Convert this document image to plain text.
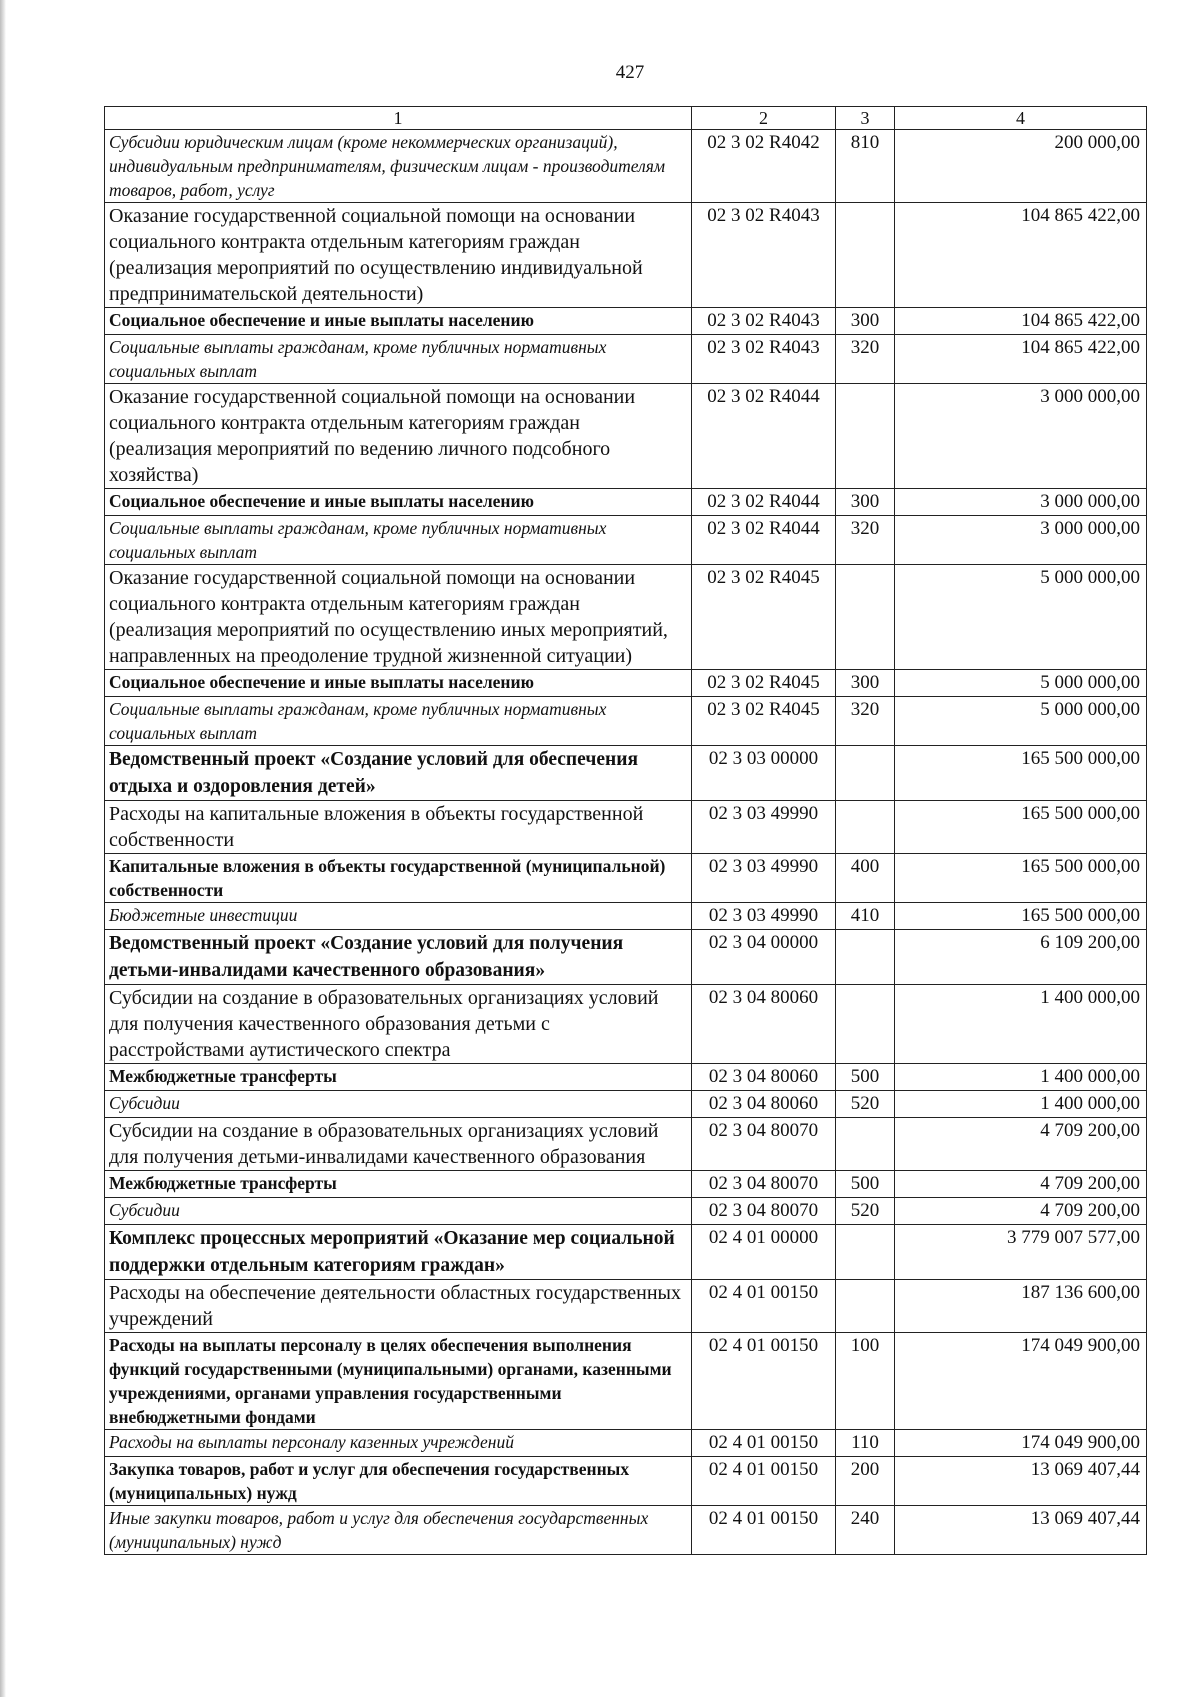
427
1	2	3	4
Субсидии юридическим лицам (кроме некоммерческих организаций), индивидуальным предпринимателям, физическим лицам - производителям товаров, работ, услуг	02 3 02 R4042	810	200 000,00
Оказание государственной социальной помощи на основании социального контракта отдельным категориям граждан (реализация мероприятий по осуществлению индивидуальной предпринимательской деятельности)	02 3 02 R4043		104 865 422,00
Социальное обеспечение и иные выплаты населению	02 3 02 R4043	300	104 865 422,00
Социальные выплаты гражданам, кроме публичных нормативных социальных выплат	02 3 02 R4043	320	104 865 422,00
Оказание государственной социальной помощи на основании социального контракта отдельным категориям граждан (реализация мероприятий по ведению личного подсобного хозяйства)	02 3 02 R4044		3 000 000,00
Социальное обеспечение и иные выплаты населению	02 3 02 R4044	300	3 000 000,00
Социальные выплаты гражданам, кроме публичных нормативных социальных выплат	02 3 02 R4044	320	3 000 000,00
Оказание государственной социальной помощи на основании социального контракта отдельным категориям граждан (реализация мероприятий по осуществлению иных мероприятий, направленных на преодоление трудной жизненной ситуации)	02 3 02 R4045		5 000 000,00
Социальное обеспечение и иные выплаты населению	02 3 02 R4045	300	5 000 000,00
Социальные выплаты гражданам, кроме публичных нормативных социальных выплат	02 3 02 R4045	320	5 000 000,00
Ведомственный проект «Создание условий для обеспечения отдыха и оздоровления детей»	02 3 03 00000		165 500 000,00
Расходы на капитальные вложения в объекты государственной собственности	02 3 03 49990		165 500 000,00
Капитальные вложения в объекты государственной (муниципальной) собственности	02 3 03 49990	400	165 500 000,00
Бюджетные инвестиции	02 3 03 49990	410	165 500 000,00
Ведомственный проект «Создание условий для получения детьми-инвалидами качественного образования»	02 3 04 00000		6 109 200,00
Субсидии на создание в образовательных организациях условий для получения качественного образования детьми с расстройствами аутистического спектра	02 3 04 80060		1 400 000,00
Межбюджетные трансферты	02 3 04 80060	500	1 400 000,00
Субсидии	02 3 04 80060	520	1 400 000,00
Субсидии на создание в образовательных организациях условий для получения детьми-инвалидами качественного образования	02 3 04 80070		4 709 200,00
Межбюджетные трансферты	02 3 04 80070	500	4 709 200,00
Субсидии	02 3 04 80070	520	4 709 200,00
Комплекс процессных мероприятий «Оказание мер социальной поддержки отдельным категориям граждан»	02 4 01 00000		3 779 007 577,00
Расходы на обеспечение деятельности областных государственных учреждений	02 4 01 00150		187 136 600,00
Расходы на выплаты персоналу в целях обеспечения выполнения функций государственными (муниципальными) органами, казенными учреждениями, органами управления государственными внебюджетными фондами	02 4 01 00150	100	174 049 900,00
Расходы на выплаты персоналу казенных учреждений	02 4 01 00150	110	174 049 900,00
Закупка товаров, работ и услуг для обеспечения государственных (муниципальных) нужд	02 4 01 00150	200	13 069 407,44
Иные закупки товаров, работ и услуг для обеспечения государственных (муниципальных) нужд	02 4 01 00150	240	13 069 407,44
